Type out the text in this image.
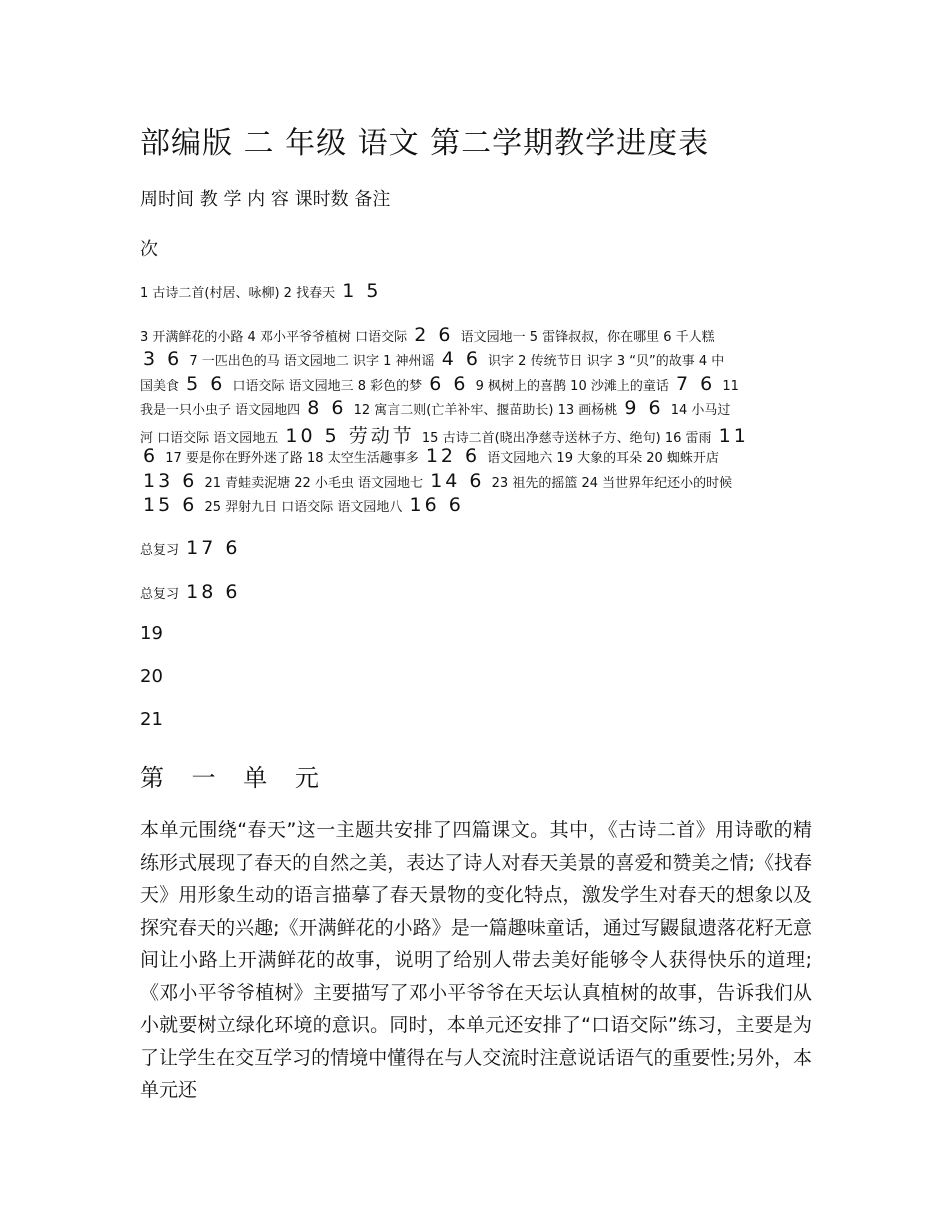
部编版 二 年级 语文 第二学期教学进度表
周时间 教 学 内 容 课时数 备注
次
1 古诗二首(村居、咏柳) 2 找春天 1 5
3 开满鲜花的小路 4 邓小平爷爷植树 口语交际 2 6 语文园地一 5 雷锋叔叔，你在哪里 6 千人糕
3 6 7 一匹出色的马 语文园地二 识字 1 神州谣 4 6 识字 2 传统节日 识字 3 “贝”的故事 4 中
国美食 5 6 口语交际 语文园地三 8 彩色的梦 6 6 9 枫树上的喜鹊 10 沙滩上的童话 7 6 11
我是一只小虫子 语文园地四 8 6 12 寓言二则(亡羊补牢、揠苗助长) 13 画杨桃 9 6 14 小马过
河 口语交际 语文园地五 10 5 劳动节 15 古诗二首(晓出净慈寺送林子方、绝句) 16 雷雨 11
6 17 要是你在野外迷了路 18 太空生活趣事多 12 6 语文园地六 19 大象的耳朵 20 蜘蛛开店
13 6 21 青蛙卖泥塘 22 小毛虫 语文园地七 14 6 23 祖先的摇篮 24 当世界年纪还小的时候
15 6 25 羿射九日 口语交际 语文园地八 16 6
总复习 17 6
总复习 18 6
19
20
21
第 一 单 元

本单元围绕“春天”这一主题共安排了四篇课文。其中，《古诗二首》用诗歌的精练形式展现了春天的自然之美，表达了诗人对春天美景的喜爱和赞美之情;《找春天》用形象生动的语言描摹了春天景物的变化特点，激发学生对春天的想象以及探究春天的兴趣;《开满鲜花的小路》是一篇趣味童话，通过写鼹鼠遗落花籽无意间让小路上开满鲜花的故事，说明了给别人带去美好能够令人获得快乐的道理;《邓小平爷爷植树》主要描写了邓小平爷爷在天坛认真植树的故事，告诉我们从小就要树立绿化环境的意识。同时，本单元还安排了“口语交际”练习，主要是为了让学生在交互学习的情境中懂得在与人交流时注意说话语气的重要性;另外，本单元还
